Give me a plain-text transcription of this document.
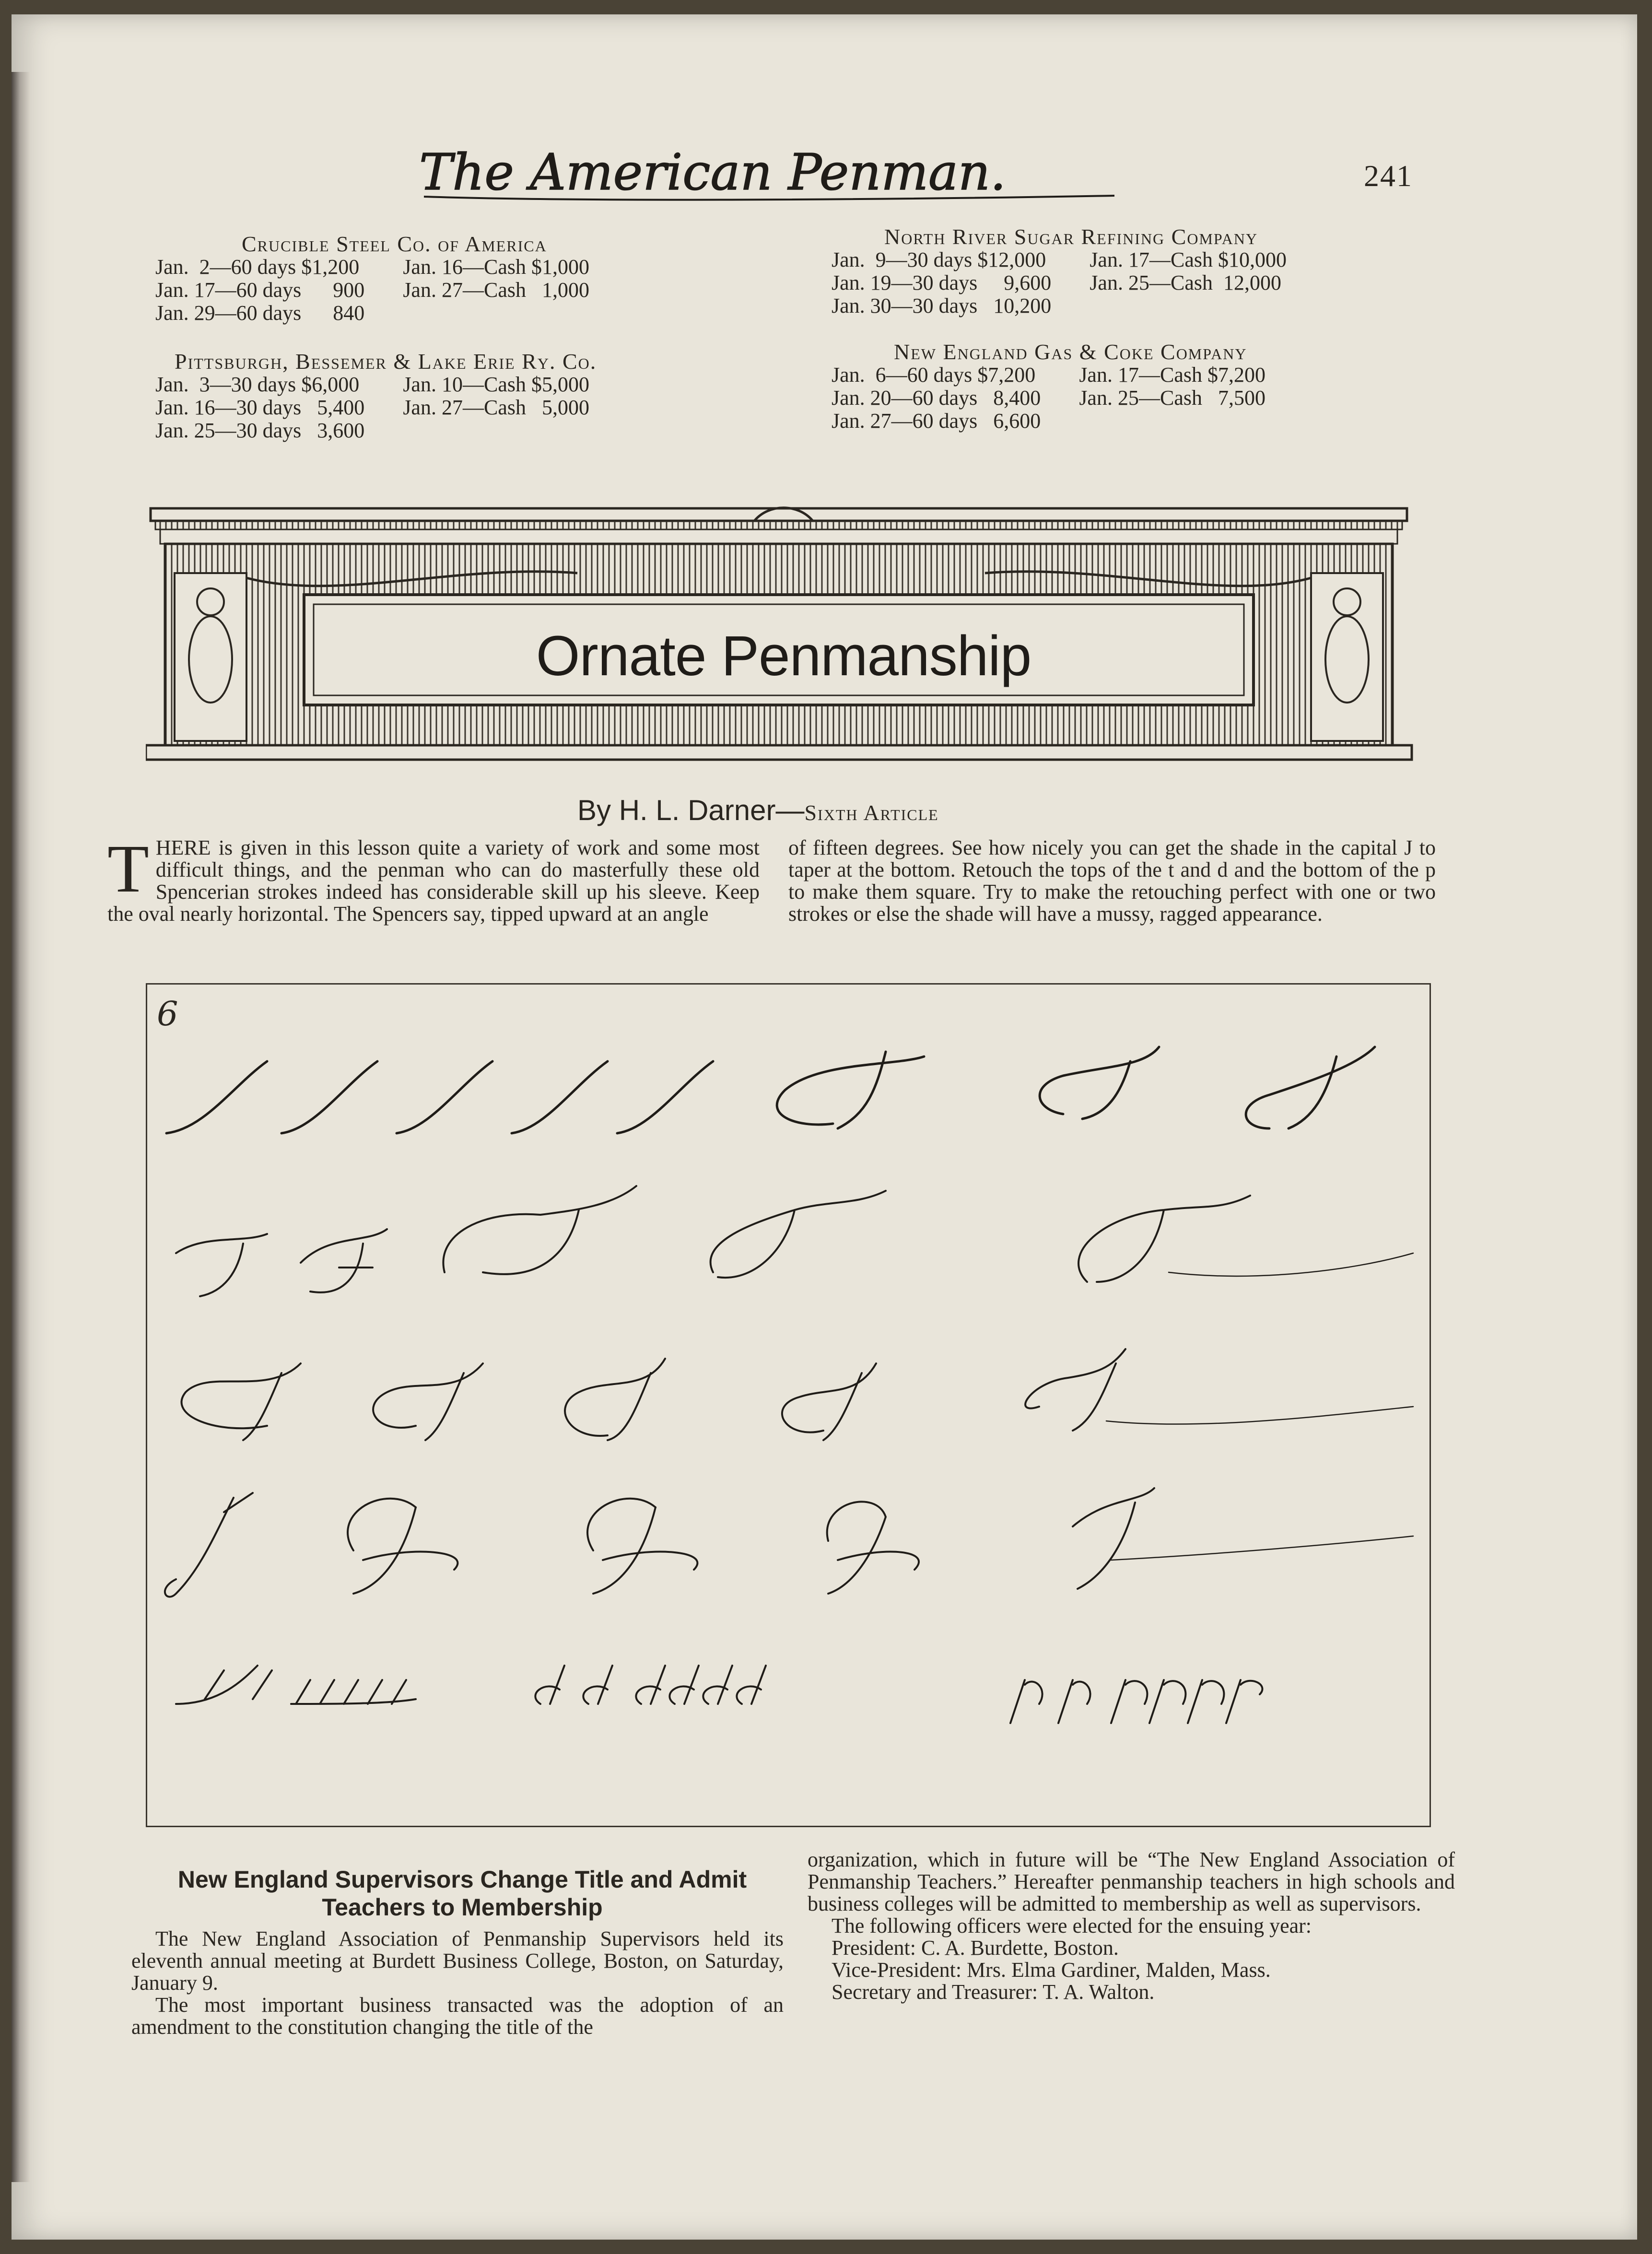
The American Penman.	241
Crucible Steel Co. of America
Jan.  2—60 days $1,200
Jan. 17—60 days      900
Jan. 29—60 days      840
Jan. 16—Cash $1,000
Jan. 27—Cash   1,000
Pittsburgh, Bessemer & Lake Erie Ry. Co.
Jan.  3—30 days $6,000
Jan. 16—30 days   5,400
Jan. 25—30 days   3,600
Jan. 10—Cash $5,000
Jan. 27—Cash   5,000
North River Sugar Refining Company
Jan.  9—30 days $12,000
Jan. 19—30 days     9,600
Jan. 30—30 days   10,200
Jan. 17—Cash $10,000
Jan. 25—Cash  12,000
New England Gas & Coke Company
Jan.  6—60 days $7,200
Jan. 20—60 days   8,400
Jan. 27—60 days   6,600
Jan. 17—Cash $7,200
Jan. 25—Cash   7,500
Ornate Penmanship
By H. L. Darner—Sixth Article

THERE is given in this lesson quite a variety of work and some most difficult things, and the penman who can do masterfully these old Spencerian strokes indeed has considerable skill up his sleeve. Keep the oval nearly horizontal. The Spencers say, tipped upward at an angle

of fifteen degrees. See how nicely you can get the shade in the capital J to taper at the bottom. Retouch the tops of the t and d and the bottom of the p to make them square. Try to make the retouching perfect with one or two strokes or else the shade will have a mussy, ragged appearance.

6
Tennessee
Inmans
Jamison
New England Supervisors Change Title and Admit Teachers to Membership

The New England Association of Penmanship Supervisors held its eleventh annual meeting at Burdett Business College, Boston, on Saturday, January 9.

The most important business transacted was the adoption of an amendment to the constitution changing the title of the

organization, which in future will be “The New England Association of Penmanship Teachers.” Hereafter penmanship teachers in high schools and business colleges will be admitted to membership as well as supervisors.

The following officers were elected for the ensuing year:

President: C. A. Burdette, Boston.

Vice-President: Mrs. Elma Gardiner, Malden, Mass.

Secretary and Treasurer: T. A. Walton.
